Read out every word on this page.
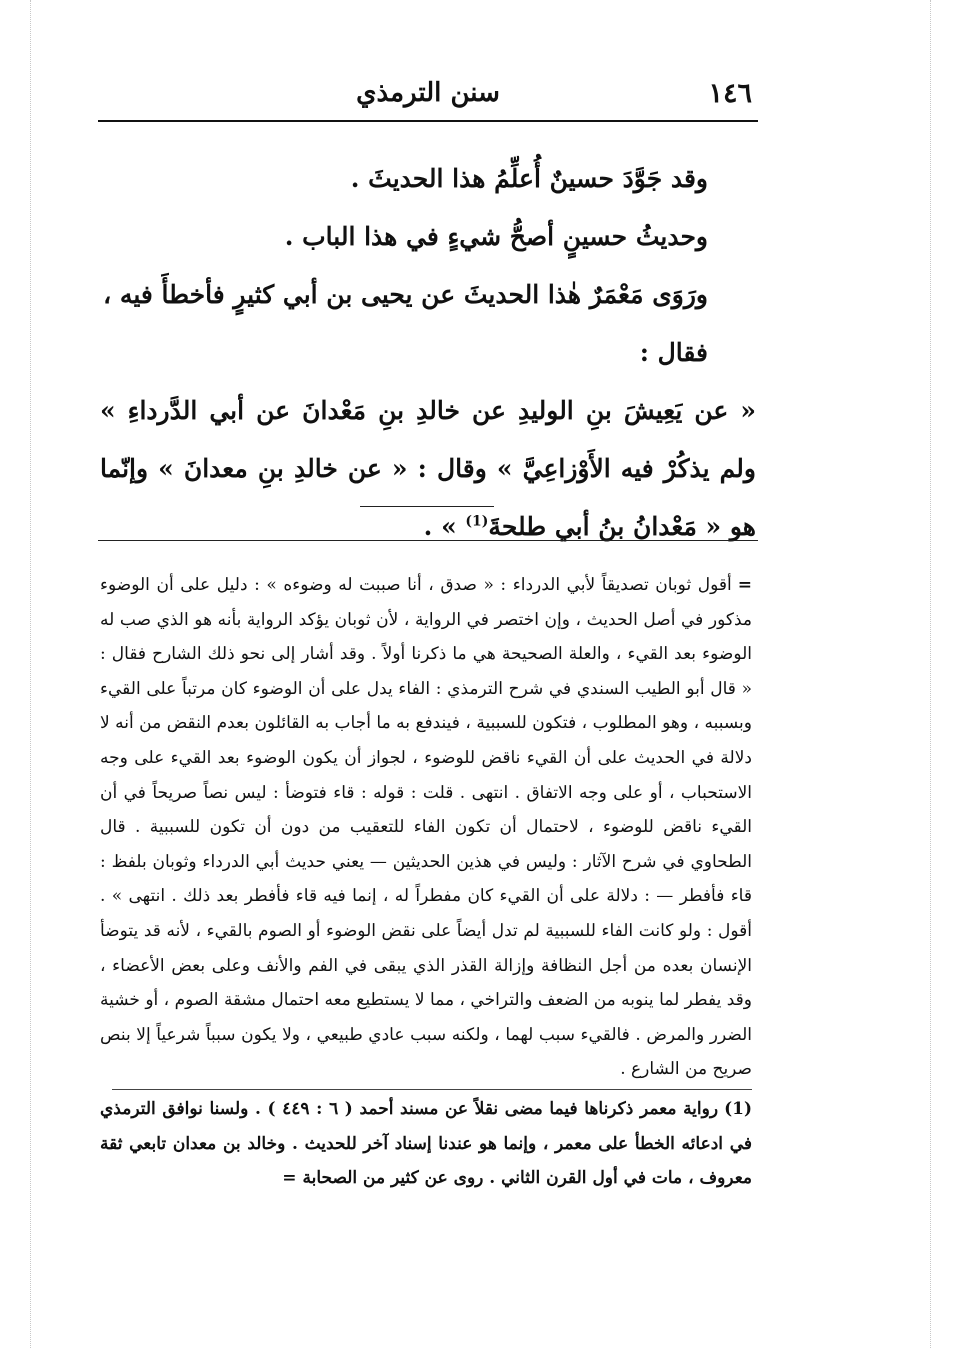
١٤٦
سنن الترمذي

وقد جَوَّدَ حسينٌ أُعلِّمُ هذا الحديثَ .

وحديثُ حسينٍ أصحُّ شيءٍ في هذا الباب .

ورَوَى مَعْمَرٌ هٰذا الحديثَ عن يحيى بن أبي كثيرٍ فأخطأَ فيه ، فقال :

« عن يَعِيشَ بنِ الوليدِ عن خالدِ بنِ مَعْدانَ عن أبي الدَّرداءِ » ولم يذكُرْ فيه الأَوْزاعِيَّ » وقال : « عن خالدِ بنِ معدانَ » وإنّما هو « مَعْدانُ بنُ أبي طلحةَ$^{(1)}$ » .

=أقول ثوبان تصديقاً لأبي الدرداء : « صدق ، أنا صببت له وضوءه » : دليل على أن الوضوء مذكور في أصل الحديث ، وإن اختصر في الرواية ، لأن ثوبان يؤكد الرواية بأنه هو الذي صب له الوضوء بعد القيء ، والعلة الصحيحة هي ما ذكرنا أولاً . وقد أشار إلى نحو ذلك الشارح فقال : « قال أبو الطيب السندي في شرح الترمذي : الفاء يدل على أن الوضوء كان مرتباً على القيء وبسببه ، وهو المطلوب ، فتكون للسببية ، فيندفع به ما أجاب به القائلون بعدم النقض من أنه لا دلالة في الحديث على أن القيء ناقض للوضوء ، لجواز أن يكون الوضوء بعد القيء على وجه الاستحباب ، أو على وجه الاتفاق . انتهى . قلت : قوله : قاء فتوضأ : ليس نصاً صريحاً في أن القيء ناقض للوضوء ، لاحتمال أن تكون الفاء للتعقيب من دون أن تكون للسببية . قال الطحاوي في شرح الآثار : وليس في هذين الحديثين — يعني حديث أبي الدرداء وثوبان بلفظ : قاء فأفطر — : دلالة على أن القيء كان مفطراً له ، إنما فيه قاء فأفطر بعد ذلك . انتهى » . أقول : ولو كانت الفاء للسببية لم تدل أيضاً على نقض الوضوء أو الصوم بالقيء ، لأنه قد يتوضأ الإنسان بعده من أجل النظافة وإزالة القذر الذي يبقى في الفم والأنف وعلى بعض الأعضاء ، وقد يفطر لما ينوبه من الضعف والتراخي ، مما لا يستطيع معه احتمال مشقة الصوم ، أو خشية الضرر والمرض . فالقيء سبب لهما ، ولكنه سبب عادي طبيعي ، ولا يكون سبباً شرعياً إلا بنص صريح من الشارع .

(1)رواية معمر ذكرناها فيما مضى نقلاً عن مسند أحمد ( ٦ : ٤٤٩ ) . ولسنا نوافق الترمذي في ادعائه الخطأ على معمر ، وإنما هو عندنا إسناد آخر للحديث . وخالد بن معدان تابعي ثقة معروف ، مات في أول القرن الثاني . روى عن كثير من الصحابة =
